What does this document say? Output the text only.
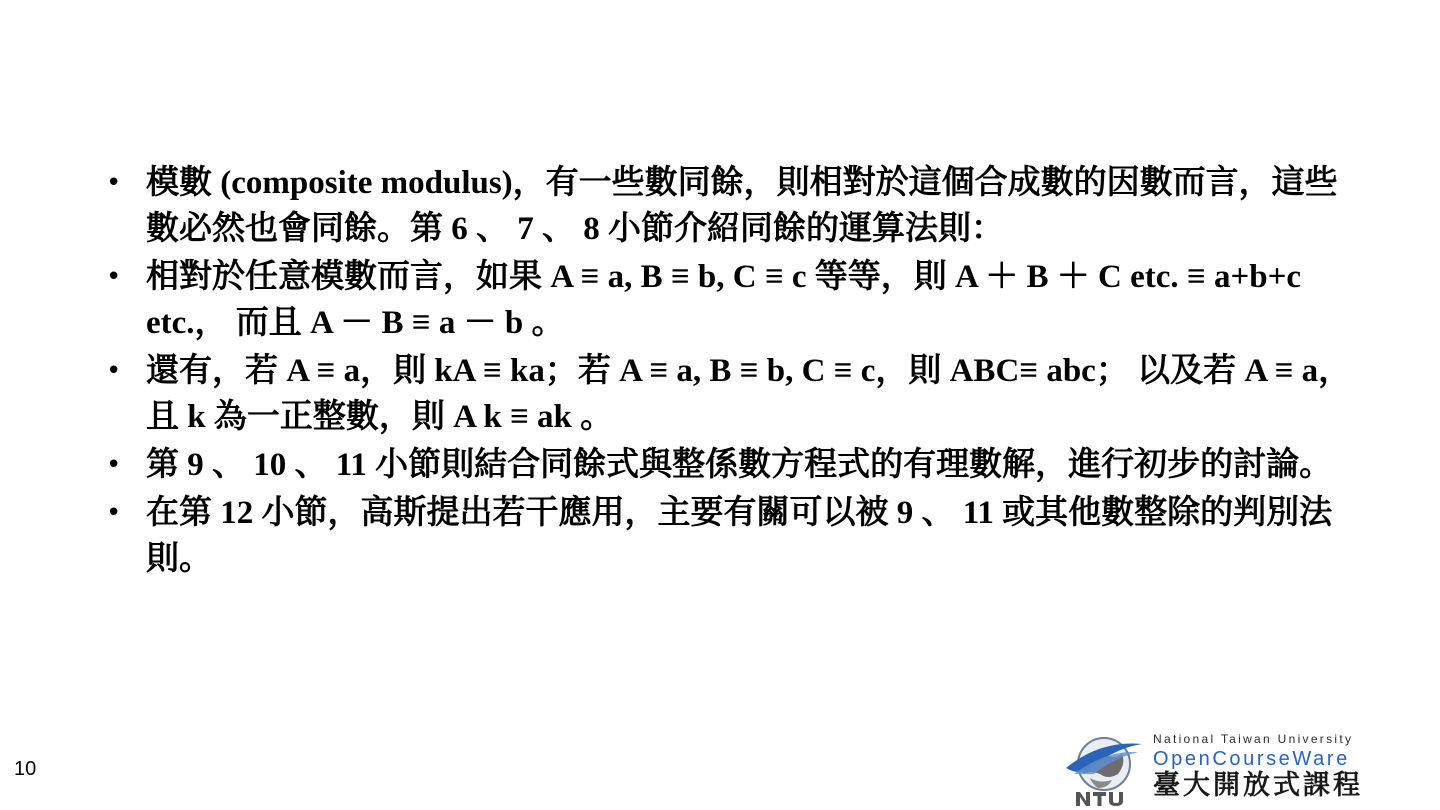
• 模數 (composite modulus)，有一些數同餘，則相對於這個合成數的因數而言，這些數必然也會同餘。第 6 、 7 、 8 小節介紹同餘的運算法則：
• 相對於任意模數而言，如果 A ≡ a, B ≡ b, C ≡ c 等等，則 A ＋ B ＋ C etc. ≡ a+b+c etc.， 而且 A － B ≡ a － b 。
• 還有，若 A ≡ a，則 kA ≡ ka；若 A ≡ a, B ≡ b, C ≡ c，則 ABC≡ abc； 以及若 A ≡ a，且 k 為一正整數，則 A k ≡ ak 。
• 第 9 、 10 、 11 小節則結合同餘式與整係數方程式的有理數解，進行初步的討論。
• 在第 12 小節，高斯提出若干應用，主要有關可以被 9 、 11 或其他數整除的判別法則。
10
National Taiwan University
OpenCourseWare
臺大開放式課程
